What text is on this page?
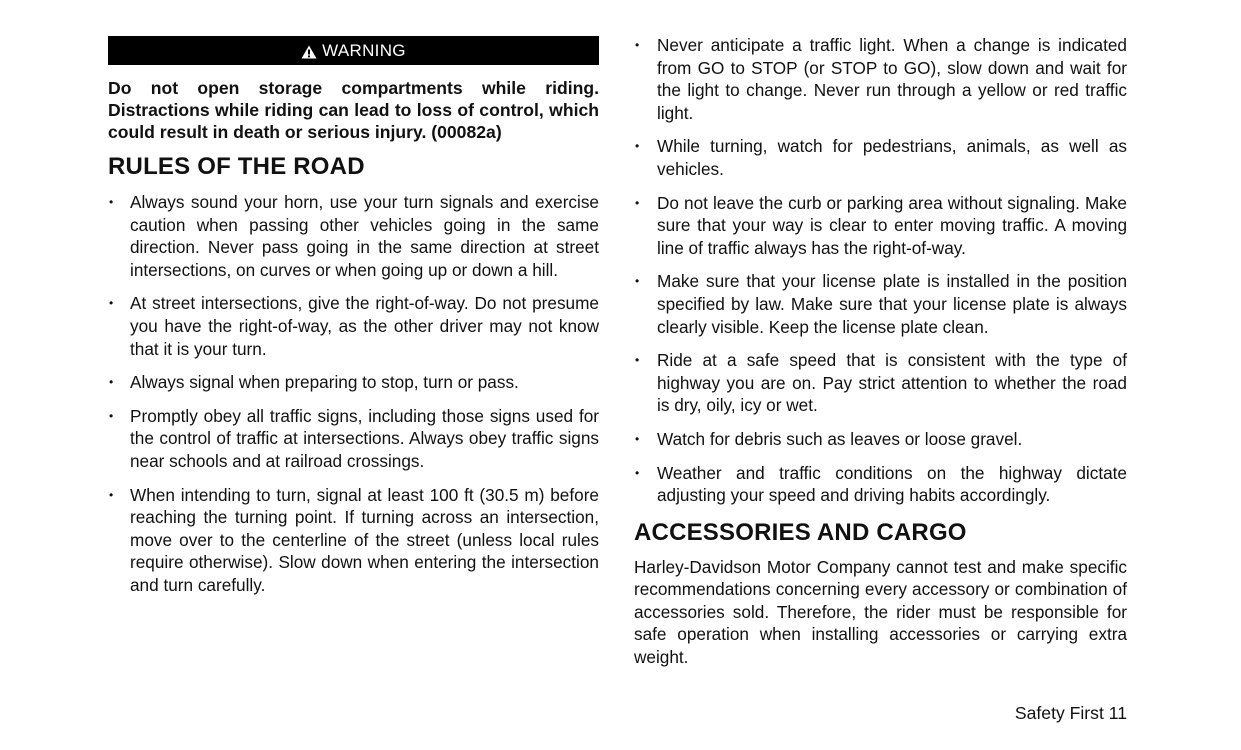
WARNING

Do not open storage compartments while riding. Distractions while riding can lead to loss of control, which could result in death or serious injury. (00082a)

RULES OF THE ROAD
• Always sound your horn, use your turn signals and exercise caution when passing other vehicles going in the same direction. Never pass going in the same direction at street intersections, on curves or when going up or down a hill.
• At street intersections, give the right-of-way. Do not presume you have the right-of-way, as the other driver may not know that it is your turn.
• Always signal when preparing to stop, turn or pass.
• Promptly obey all traffic signs, including those signs used for the control of traffic at intersections. Always obey traffic signs near schools and at railroad crossings.
• When intending to turn, signal at least 100 ft (30.5 m) before reaching the turning point. If turning across an intersection, move over to the centerline of the street (unless local rules require otherwise). Slow down when entering the intersection and turn carefully.
• Never anticipate a traffic light. When a change is indicated from GO to STOP (or STOP to GO), slow down and wait for the light to change. Never run through a yellow or red traffic light.
• While turning, watch for pedestrians, animals, as well as vehicles.
• Do not leave the curb or parking area without signaling. Make sure that your way is clear to enter moving traffic. A moving line of traffic always has the right-of-way.
• Make sure that your license plate is installed in the position specified by law. Make sure that your license plate is always clearly visible. Keep the license plate clean.
• Ride at a safe speed that is consistent with the type of highway you are on. Pay strict attention to whether the road is dry, oily, icy or wet.
• Watch for debris such as leaves or loose gravel.
• Weather and traffic conditions on the highway dictate adjusting your speed and driving habits accordingly.
ACCESSORIES AND CARGO

Harley-Davidson Motor Company cannot test and make specific recommendations concerning every accessory or combination of accessories sold. Therefore, the rider must be responsible for safe operation when installing accessories or carrying extra weight.

Safety First 11
